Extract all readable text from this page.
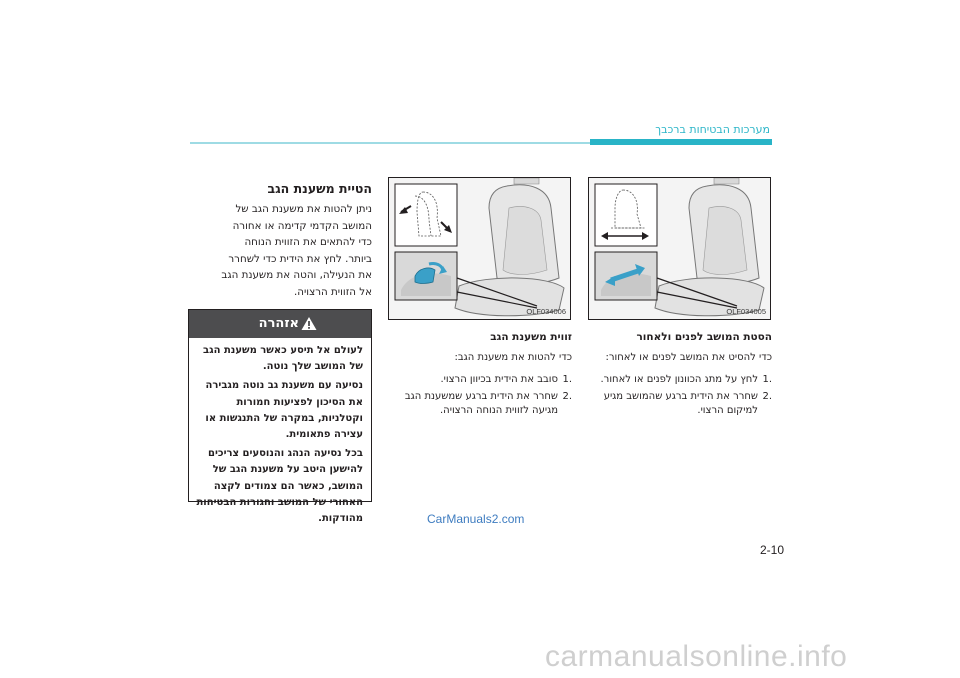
מערכות הבטיחות ברכבך
הטיית משענת הגב
ניתן להטות את משענת הגב של
המושב הקדמי קדימה או אחורה
כדי להתאים את הזווית הנוחה
ביותר. לחץ את הידית כדי לשחרר
את הנעילה, והטה את משענת הגב
אל הזווית הרצויה.
אזהרה

לעולם אל תיסע כאשר משענת הגב של המושב שלך נוטה.

נסיעה עם משענת גב נוטה מגבירה את הסיכון לפציעות חמורות וקטלניות, במקרה של התנגשות או עצירה פתאומית.

בכל נסיעה הנהג והנוסעים צריכים להישען היטב על משענת הגב של המושב, כאשר הם צמודים לקצה האחורי של המושב וחגורות הבטיחות מהודקות.

OLF034006	OLF034005
זווית משענת הגב
כדי להטות את משענת הגב:
.1
סובב את הידית בכיוון הרצוי.
.2
שחרר את הידית ברגע שמשענת הגב מגיעה לזווית הנוחה הרצויה.
הסטת המושב לפנים ולאחור
כדי להסיט את המושב לפנים או לאחור:
.1
לחץ על מתג הכוונון לפנים או לאחור.
.2
שחרר את הידית ברגע שהמושב מגיע למיקום הרצוי.
CarManuals2.com
2-10
carmanualsonline.info
